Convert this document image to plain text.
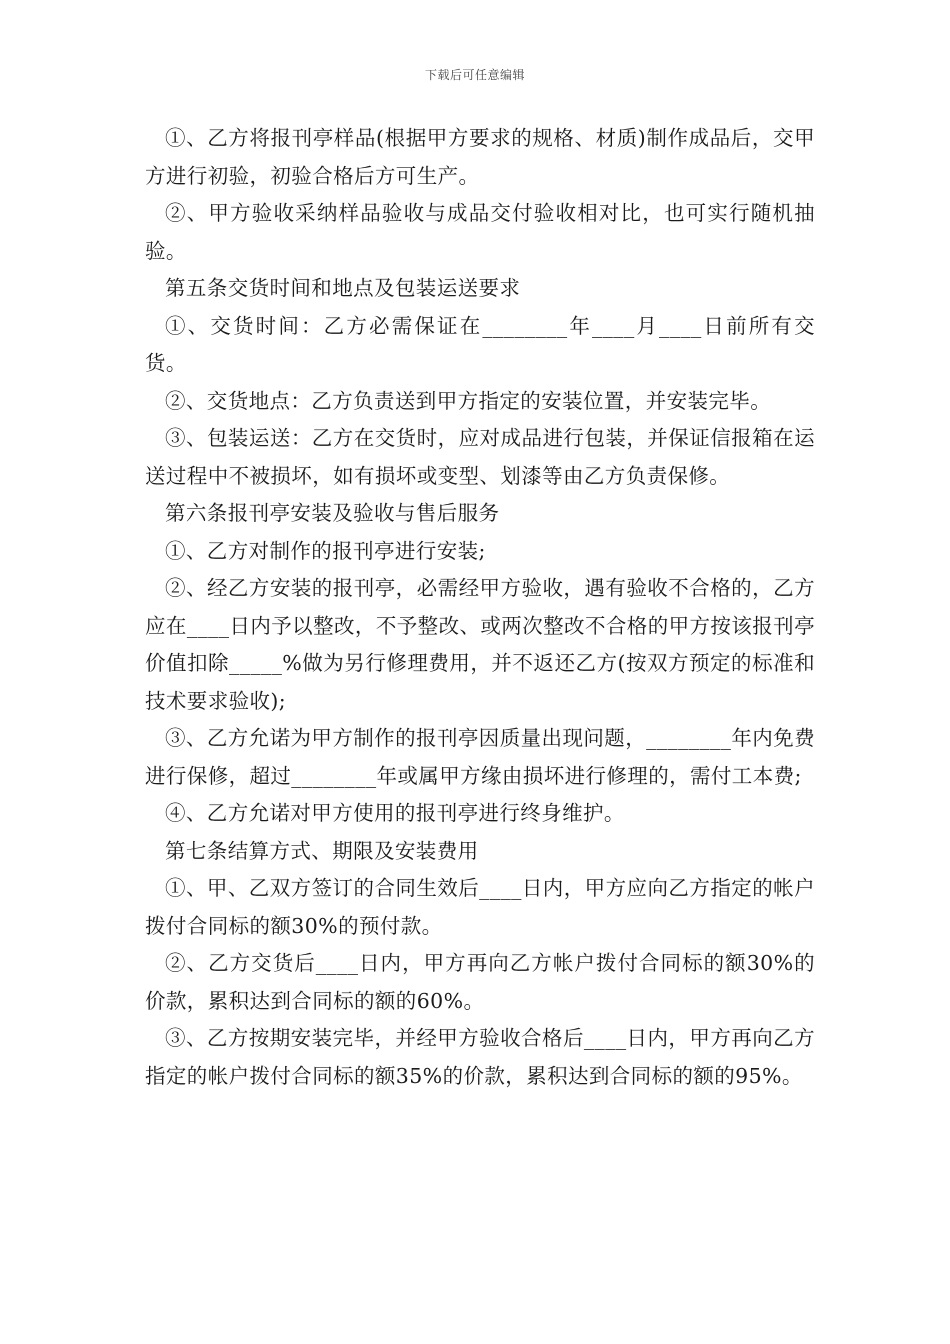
下载后可任意编辑

①、乙方将报刊亭样品(根据甲方要求的规格、材质)制作成品后，交甲方进行初验，初验合格后方可生产。

②、甲方验收采纳样品验收与成品交付验收相对比，也可实行随机抽验。

第五条交货时间和地点及包装运送要求

①、交货时间：乙方必需保证在________年____月____日前所有交货。

②、交货地点：乙方负责送到甲方指定的安装位置，并安装完毕。

③、包装运送：乙方在交货时，应对成品进行包装，并保证信报箱在运送过程中不被损坏，如有损坏或变型、划漆等由乙方负责保修。

第六条报刊亭安装及验收与售后服务

①、乙方对制作的报刊亭进行安装;

②、经乙方安装的报刊亭，必需经甲方验收，遇有验收不合格的，乙方应在____日内予以整改，不予整改、或两次整改不合格的甲方按该报刊亭价值扣除_____%做为另行修理费用，并不返还乙方(按双方预定的标准和技术要求验收);

③、乙方允诺为甲方制作的报刊亭因质量出现问题，________年内免费进行保修，超过________年或属甲方缘由损坏进行修理的，需付工本费;

④、乙方允诺对甲方使用的报刊亭进行终身维护。

第七条结算方式、期限及安装费用

①、甲、乙双方签订的合同生效后____日内，甲方应向乙方指定的帐户拨付合同标的额30%的预付款。

②、乙方交货后____日内，甲方再向乙方帐户拨付合同标的额30%的价款，累积达到合同标的额的60%。

③、乙方按期安装完毕，并经甲方验收合格后____日内，甲方再向乙方指定的帐户拨付合同标的额35%的价款，累积达到合同标的额的95%。
